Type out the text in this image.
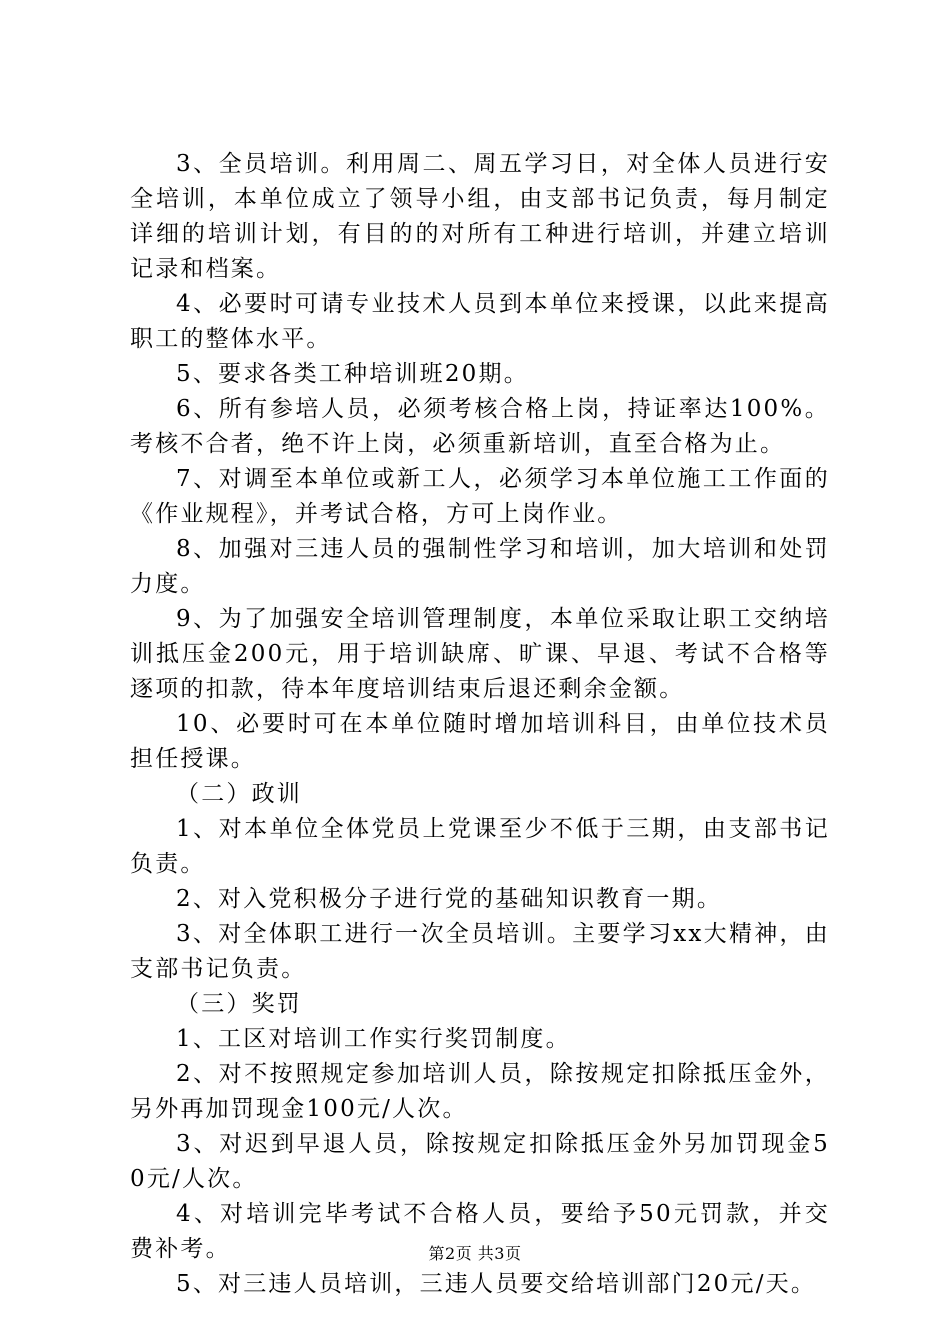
3、全员培训。利用周二、周五学习日，对全体人员进行安全培训，本单位成立了领导小组，由支部书记负责，每月制定详细的培训计划，有目的的对所有工种进行培训，并建立培训记录和档案。

4、必要时可请专业技术人员到本单位来授课，以此来提高职工的整体水平。

5、要求各类工种培训班20期。

6、所有参培人员，必须考核合格上岗，持证率达100%。考核不合者，绝不许上岗，必须重新培训，直至合格为止。

7、对调至本单位或新工人，必须学习本单位施工工作面的《作业规程》，并考试合格，方可上岗作业。

8、加强对三违人员的强制性学习和培训，加大培训和处罚力度。

9、为了加强安全培训管理制度，本单位采取让职工交纳培训抵压金200元，用于培训缺席、旷课、早退、考试不合格等逐项的扣款，待本年度培训结束后退还剩余金额。

10、必要时可在本单位随时增加培训科目，由单位技术员担任授课。

（二）政训

1、对本单位全体党员上党课至少不低于三期，由支部书记负责。

2、对入党积极分子进行党的基础知识教育一期。

3、对全体职工进行一次全员培训。主要学习xx大精神，由支部书记负责。

（三）奖罚

1、工区对培训工作实行奖罚制度。

2、对不按照规定参加培训人员，除按规定扣除抵压金外，另外再加罚现金100元/人次。

3、对迟到早退人员，除按规定扣除抵压金外另加罚现金50元/人次。

4、对培训完毕考试不合格人员，要给予50元罚款，并交费补考。

5、对三违人员培训，三违人员要交给培训部门20元/天。

第2页 共3页
